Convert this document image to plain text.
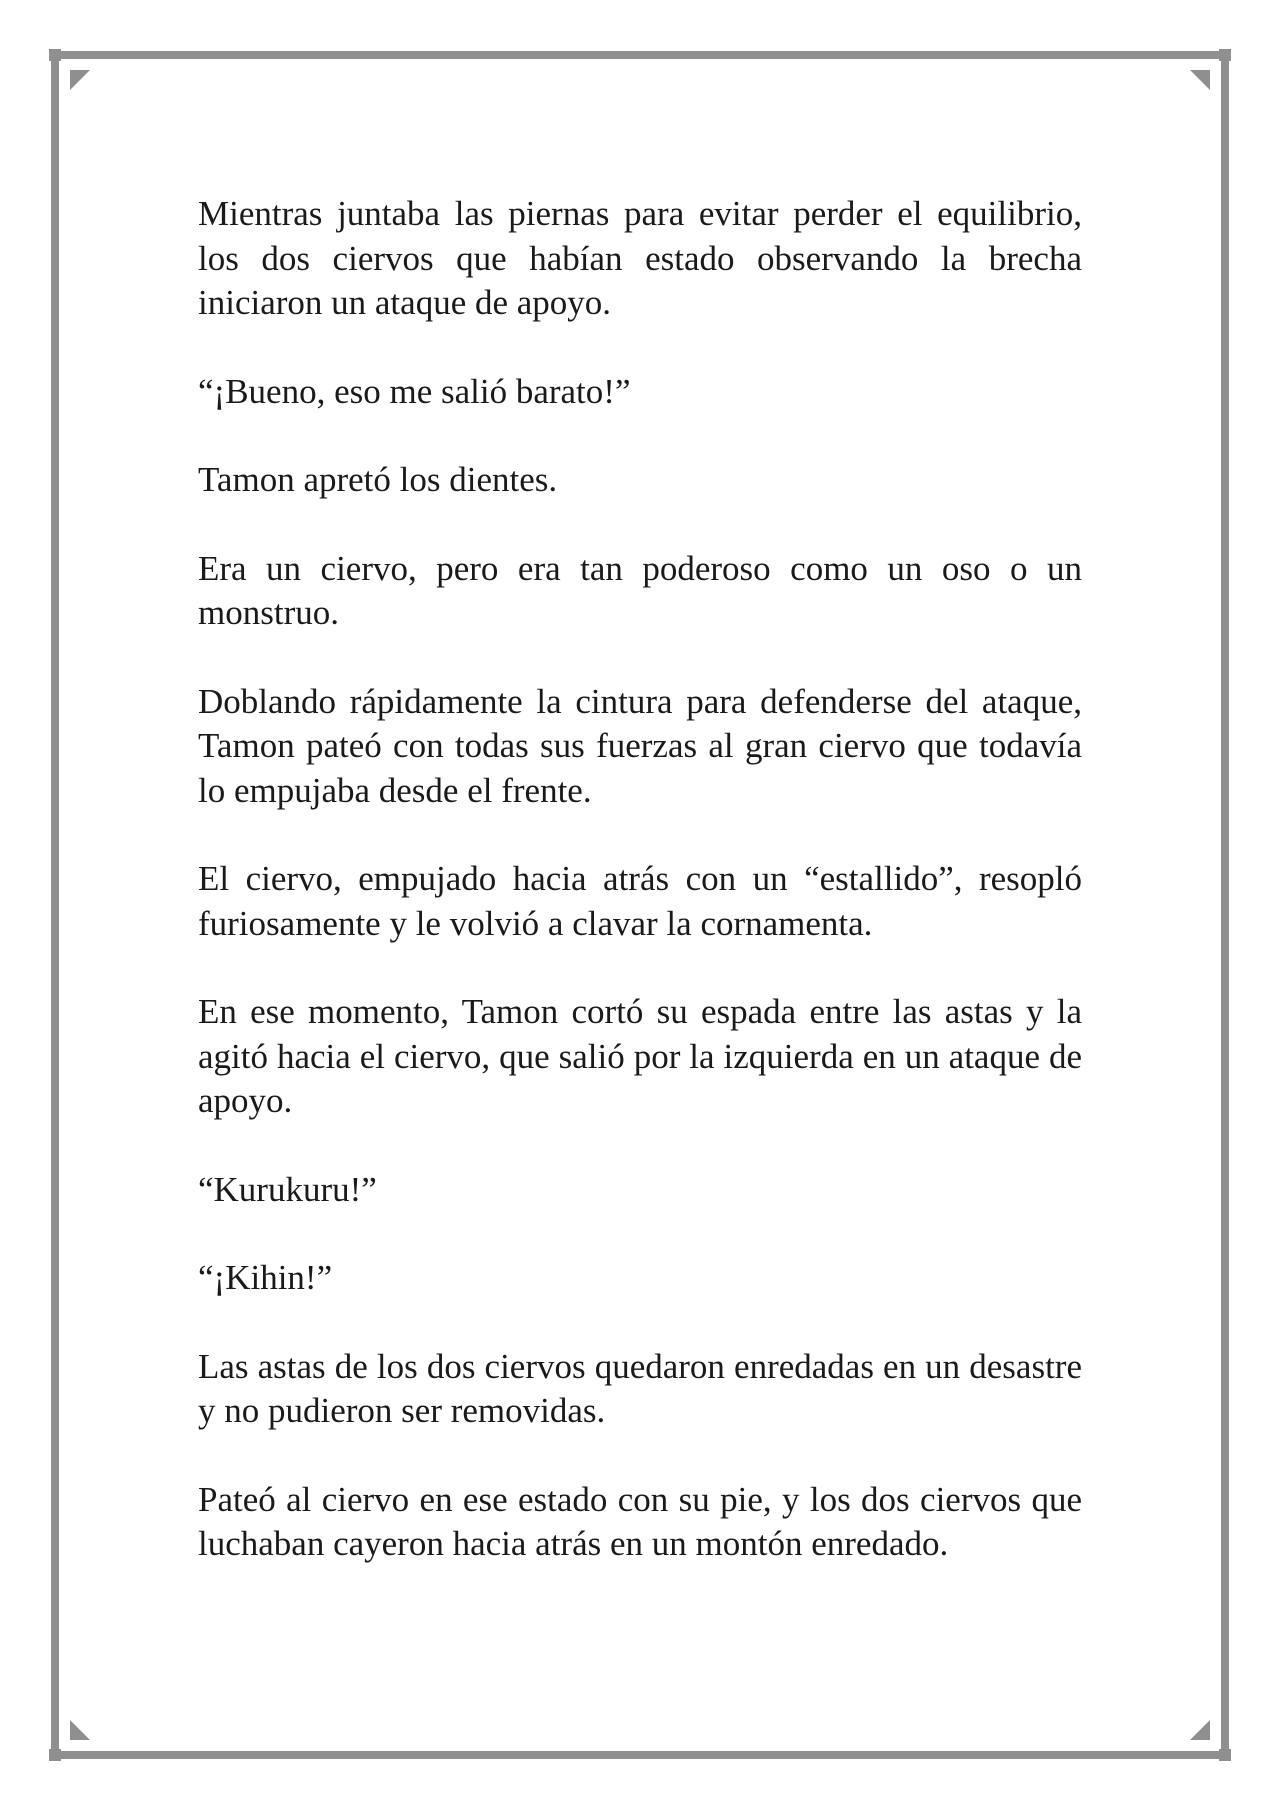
Mientras juntaba las piernas para evitar perder el equilibrio, los dos ciervos que habían estado observando la brecha iniciaron un ataque de apoyo.

“¡Bueno, eso me salió barato!”

Tamon apretó los dientes.

Era un ciervo, pero era tan poderoso como un oso o un monstruo.

Doblando rápidamente la cintura para defenderse del ataque, Tamon pateó con todas sus fuerzas al gran ciervo que todavía lo empujaba desde el frente.

El ciervo, empujado hacia atrás con un “estallido”, resopló furiosamente y le volvió a clavar la cornamenta.

En ese momento, Tamon cortó su espada entre las astas y la agitó hacia el ciervo, que salió por la izquierda en un ataque de apoyo.

“Kurukuru!”

“¡Kihin!”

Las astas de los dos ciervos quedaron enredadas en un desastre y no pudieron ser removidas.

Pateó al ciervo en ese estado con su pie, y los dos ciervos que luchaban cayeron hacia atrás en un montón enredado.
